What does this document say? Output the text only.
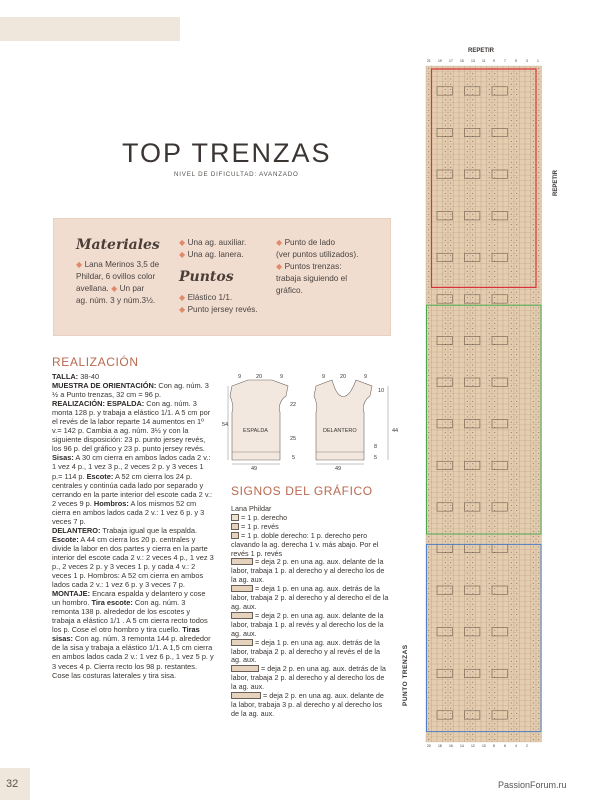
TOP TRENZAS
NIVEL DE DIFICULTAD: AVANZADO
Materiales
◆ Lana Merinos 3,5 de
Phildar, 6 ovillos color
avellana. ◆ Un par
ag. núm. 3 y núm.3½.
◆ Una ag. auxiliar.
◆ Una ag. lanera.
Puntos
◆ Elástico 1/1.
◆ Punto jersey revés.
◆ Punto de lado
(ver puntos utilizados).
◆ Puntos trenzas:
trabaja siguiendo el
gráfico.
REALIZACIÓN

TALLA: 38-40

MUESTRA DE ORIENTACIÓN: Con ag. núm. 3 ½ a Punto trenzas, 32 cm = 96 p.

REALIZACIÓN: ESPALDA: Con ag. núm. 3 monta 128 p. y trabaja a elástico 1/1. A 5 cm por el revés de la labor reparte 14 aumentos en 1º v.= 142 p. Cambia a ag. núm. 3½ y con la siguiente disposición: 23 p. punto jersey revés, los 96 p. del gráfico y 23 p. punto jersey revés. Sisas: A 30 cm cierra en ambos lados cada 2 v.: 1 vez 4 p., 1 vez 3 p., 2 veces 2 p. y 3 veces 1 p.= 114 p. Escote: A 52 cm cierra los 24 p. centrales y continúa cada lado por separado y cerrando en la parte interior del escote cada 2 v.: 2 veces 9 p. Hombros: A los mismos 52 cm cierra en ambos lados cada 2 v.: 1 vez 6 p. y 3 veces 7 p.

DELANTERO: Trabaja igual que la espalda.

Escote: A 44 cm cierra los 20 p. centrales y divide la labor en dos partes y cierra en la parte interior del escote cada 2 v.: 2 veces 4 p., 1 vez 3 p., 2 veces 2 p. y 3 veces 1 p. y cada 4 v.: 2 veces 1 p. Hombros: A 52 cm cierra en ambos lados cada 2 v.: 1 vez 6 p. y 3 veces 7 p.

MONTAJE: Encara espalda y delantero y cose un hombro. Tira escote: Con ag. núm. 3 remonta 138 p. alrededor de los escotes y trabaja a elástico 1/1 . A 5 cm cierra recto todos los p. Cose el otro hombro y tira cuello. Tiras sisas: Con ag. núm. 3 remonta 144 p. alrededor de la sisa y trabaja a elástico 1/1. A 1,5 cm cierra en ambos lados cada 2 v.: 1 vez 6 p., 1 vez 5 p. y 3 veces 4 p. Cierra recto los 98 p. restantes. Cose las costuras laterales y tira sisa.

ESPALDA	DELANTERO
9	20	9	9	20	9
54
22
25
5
10
44
8
5
49	49
SIGNOS DEL GRÁFICO
Lana Phildar
= 1 p. derecho
= 1 p. revés
= 1 p. doble derecho: 1 p. derecho pero clavando la ag. derecha 1 v. más abajo. Por el revés 1 p. revés
= deja 2 p. en una ag. aux. delante de la labor, trabaja 1 p. al derecho y al derecho los de la ag. aux.
= deja 1 p. en una ag. aux. detrás de la labor, trabaja 2 p. al derecho y al derecho el de la ag. aux.
= deja 2 p. en una ag. aux. delante de la labor, trabaja 1 p. al revés y al derecho los de la ag. aux.
= deja 1 p. en una ag. aux. detrás de la labor, trabaja 2 p. al derecho y al revés el de la ag. aux.
= deja 2 p. en una ag. aux. detrás de la labor, trabaja 2 p. al derecho y al derecho los de la ag. aux.
= deja 2 p. en una ag. aux. delante de la labor, trabaja 3 p. al derecho y al derecho los de la ag. aux.
REPETIR
REPETIR
21 19 17 15 13 11 9	7	5	3	1
20 18 16 14 12 10 8	6	4	2
PUNTO TRENZAS
32	PassionForum.ru
